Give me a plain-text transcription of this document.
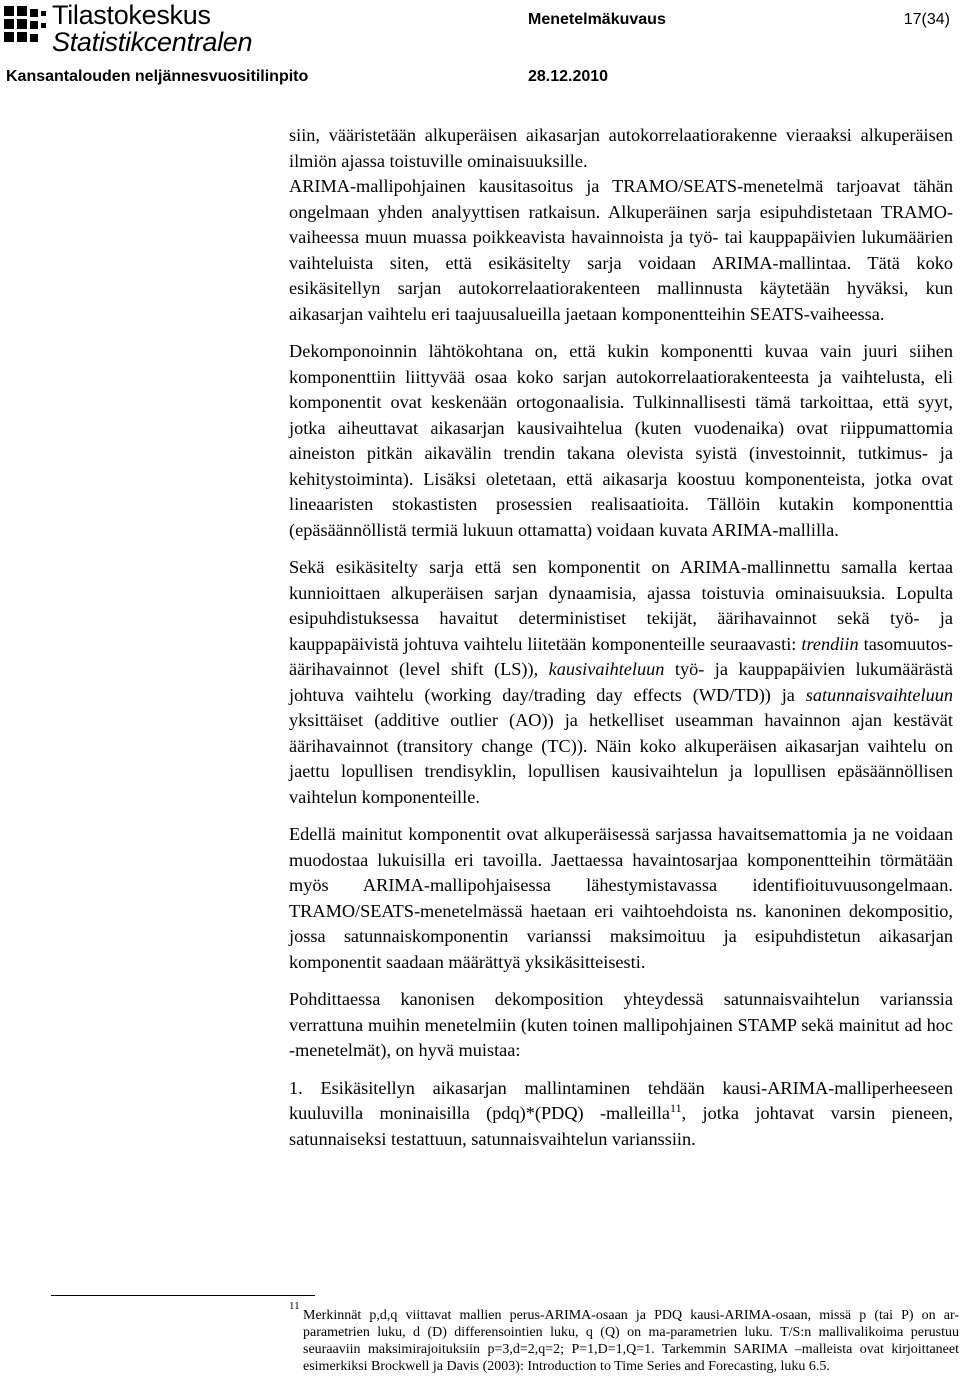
Tilastokeskus
Statistikcentralen
Menetelmäkuvaus	17(34)
Kansantalouden neljännesvuositilinpito	28.12.2010

siin, vääristetään alkuperäisen aikasarjan autokorrelaatiorakenne vieraaksi alkuperäisen ilmiön ajassa toistuville ominaisuuksille.

ARIMA-mallipohjainen kausitasoitus ja TRAMO/SEATS-menetelmä tarjoavat tähän ongelmaan yhden analyyttisen ratkaisun. Alkuperäinen sarja esipuhdistetaan TRAMO-vaiheessa muun muassa poikkeavista havainnoista ja työ- tai kauppapäivien lukumäärien vaihteluista siten, että esikäsitelty sarja voidaan ARIMA-mallintaa. Tätä koko esikäsitellyn sarjan autokorrelaatiorakenteen mallinnusta käytetään hyväksi, kun aikasarjan vaihtelu eri taajuusalueilla jaetaan komponentteihin SEATS-vaiheessa.

Dekomponoinnin lähtökohtana on, että kukin komponentti kuvaa vain juuri siihen komponenttiin liittyvää osaa koko sarjan autokorrelaatiorakenteesta ja vaihtelusta, eli komponentit ovat keskenään ortogonaalisia. Tulkinnallisesti tämä tarkoittaa, että syyt, jotka aiheuttavat aikasarjan kausivaihtelua (kuten vuodenaika) ovat riippumattomia aineiston pitkän aikavälin trendin takana olevista syistä (investoinnit, tutkimus- ja kehitystoiminta). Lisäksi oletetaan, että aikasarja koostuu komponenteista, jotka ovat lineaaristen stokastisten prosessien realisaatioita. Tällöin kutakin komponenttia (epäsäännöllistä termiä lukuun ottamatta) voidaan kuvata ARIMA-mallilla.

Sekä esikäsitelty sarja että sen komponentit on ARIMA-mallinnettu samalla kertaa kunnioittaen alkuperäisen sarjan dynaamisia, ajassa toistuvia ominaisuuksia. Lopulta esipuhdistuksessa havaitut deterministiset tekijät, äärihavainnot sekä työ- ja kauppapäivistä johtuva vaihtelu liitetään komponenteille seuraavasti: trendiin tasomuutos-äärihavainnot (level shift (LS)), kausivaihteluun työ- ja kauppapäivien lukumäärästä johtuva vaihtelu (working day/trading day effects (WD/TD)) ja satunnaisvaihteluun yksittäiset (additive outlier (AO)) ja hetkelliset useamman havainnon ajan kestävät äärihavainnot (transitory change (TC)). Näin koko alkuperäisen aikasarjan vaihtelu on jaettu lopullisen trendisyklin, lopullisen kausivaihtelun ja lopullisen epäsäännöllisen vaihtelun komponenteille.

Edellä mainitut komponentit ovat alkuperäisessä sarjassa havaitsemattomia ja ne voidaan muodostaa lukuisilla eri tavoilla. Jaettaessa havaintosarjaa komponentteihin törmätään myös ARIMA-mallipohjaisessa lähestymistavassa identifioituvuusongelmaan. TRAMO/SEATS-menetelmässä haetaan eri vaihtoehdoista ns. kanoninen dekompositio, jossa satunnaiskomponentin varianssi maksimoituu ja esipuhdistetun aikasarjan komponentit saadaan määrättyä yksikäsitteisesti.

Pohdittaessa kanonisen dekomposition yhteydessä satunnaisvaihtelun varianssia verrattuna muihin menetelmiin (kuten toinen mallipohjainen STAMP sekä mainitut ad hoc -menetelmät), on hyvä muistaa:

1. Esikäsitellyn aikasarjan mallintaminen tehdään kausi-ARIMA-malliperheeseen kuuluvilla moninaisilla (pdq)*(PDQ) -malleilla$^{11}$, jotka johtavat varsin pieneen, satunnaiseksi testattuun, satunnaisvaihtelun varianssiin.

11
Merkinnät p,d,q viittavat mallien perus-ARIMA-osaan ja PDQ kausi-ARIMA-osaan, missä p (tai P) on ar-parametrien luku, d (D) differensointien luku, q (Q) on ma-parametrien luku. T/S:n mallivalikoima perustuu seuraaviin maksimirajoituksiin p=3,d=2,q=2; P=1,D=1,Q=1. Tarkemmin SARIMA –malleista ovat kirjoittaneet esimerkiksi Brockwell ja Davis (2003): Introduction to Time Series and Forecasting, luku 6.5.
